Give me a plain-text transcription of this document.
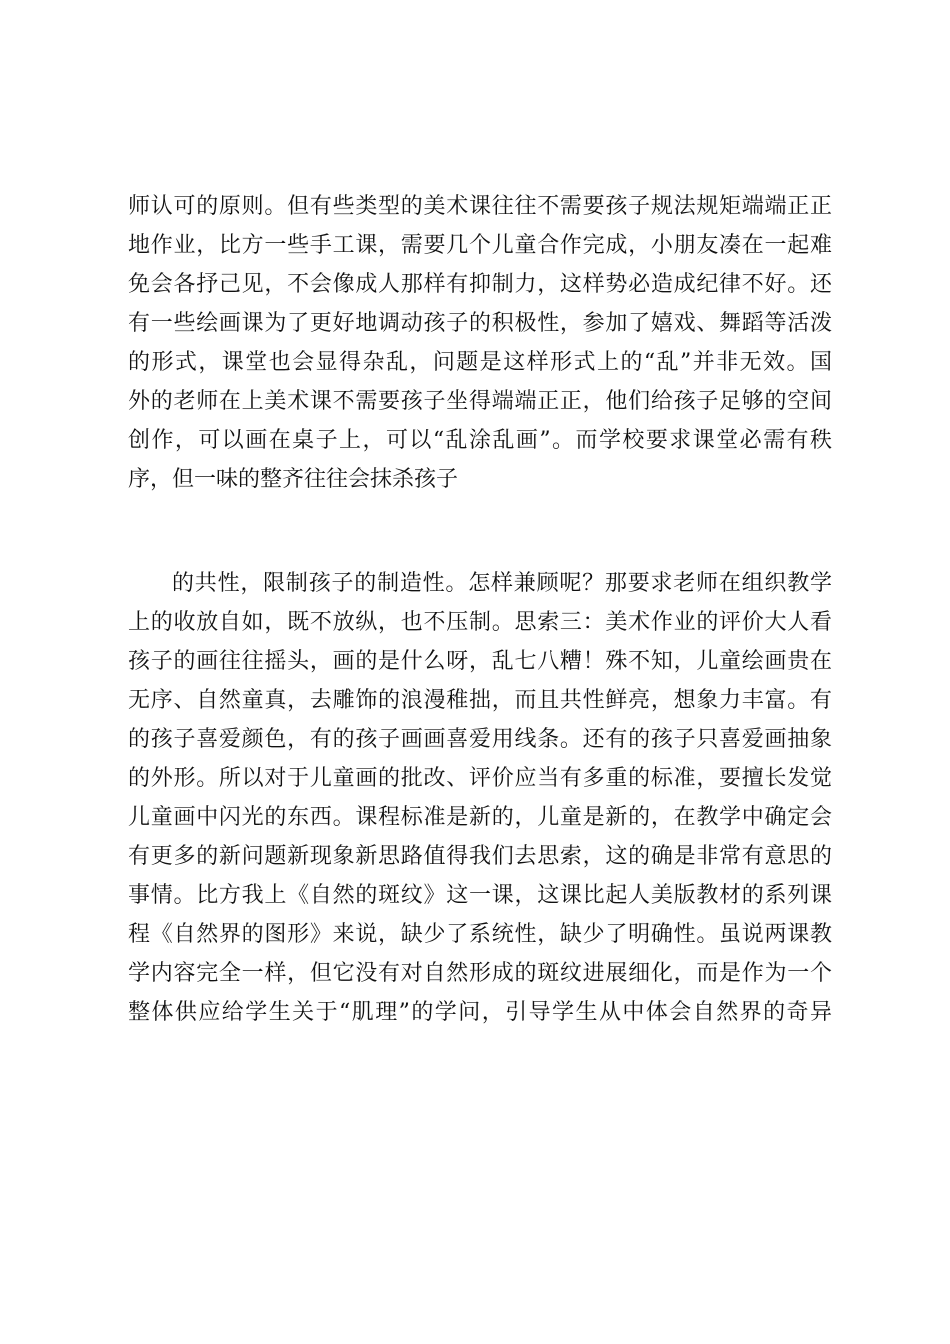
师认可的原则。但有些类型的美术课往往不需要孩子规法规矩端端正正
地作业，比方一些手工课，需要几个儿童合作完成，小朋友凑在一起难
免会各抒己见，不会像成人那样有抑制力，这样势必造成纪律不好。还
有一些绘画课为了更好地调动孩子的积极性，参加了嬉戏、舞蹈等活泼
的形式，课堂也会显得杂乱，问题是这样形式上的“乱”并非无效。国
外的老师在上美术课不需要孩子坐得端端正正，他们给孩子足够的空间
创作，可以画在桌子上，可以“乱涂乱画”。而学校要求课堂必需有秩
序，但一味的整齐往往会抹杀孩子
的共性，限制孩子的制造性。怎样兼顾呢？那要求老师在组织教学
上的收放自如，既不放纵，也不压制。思索三：美术作业的评价大人看
孩子的画往往摇头，画的是什么呀，乱七八糟！殊不知，儿童绘画贵在
无序、自然童真，去雕饰的浪漫稚拙，而且共性鲜亮，想象力丰富。有
的孩子喜爱颜色，有的孩子画画喜爱用线条。还有的孩子只喜爱画抽象
的外形。所以对于儿童画的批改、评价应当有多重的标准，要擅长发觉
儿童画中闪光的东西。课程标准是新的，儿童是新的，在教学中确定会
有更多的新问题新现象新思路值得我们去思索，这的确是非常有意思的
事情。比方我上《自然的斑纹》这一课，这课比起人美版教材的系列课
程《自然界的图形》来说，缺少了系统性，缺少了明确性。虽说两课教
学内容完全一样，但它没有对自然形成的斑纹进展细化，而是作为一个
整体供应给学生关于“肌理”的学问，引导学生从中体会自然界的奇异
